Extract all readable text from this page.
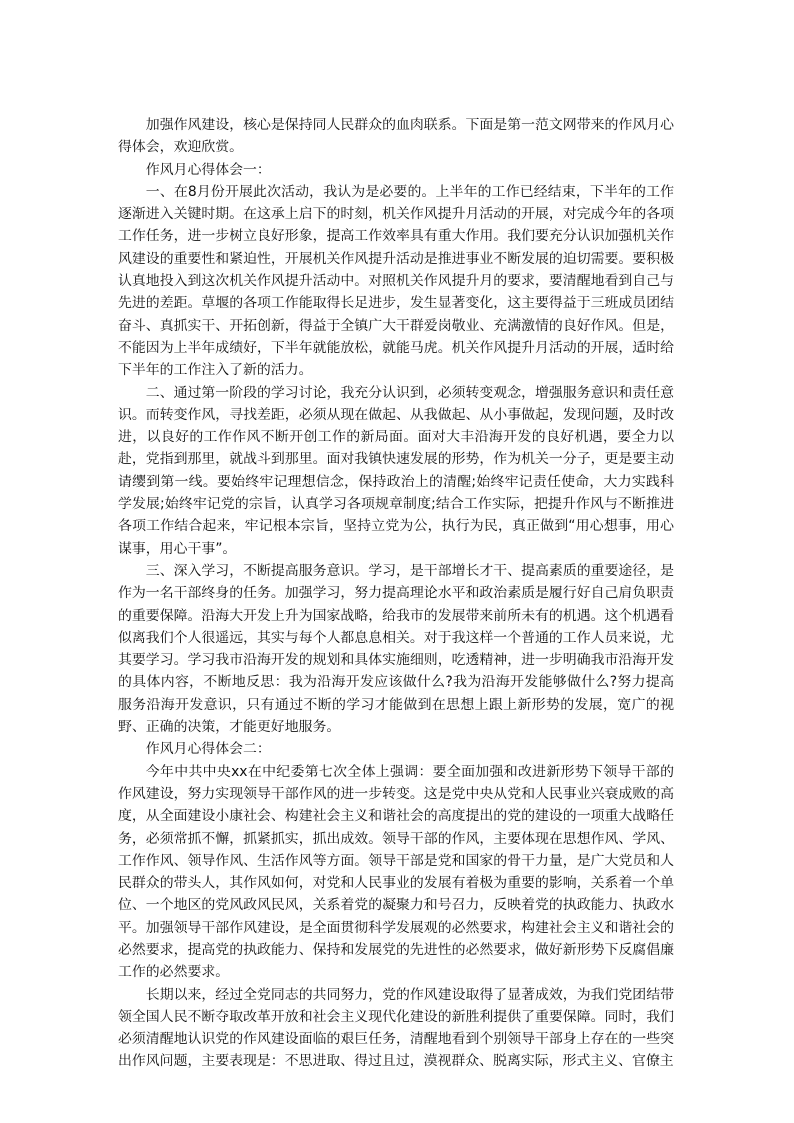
加强作风建设，核心是保持同人民群众的血肉联系。下面是第一范文网带来的作风月心得体会，欢迎欣赏。

作风月心得体会一：

一、在8月份开展此次活动，我认为是必要的。上半年的工作已经结束，下半年的工作逐渐进入关键时期。在这承上启下的时刻，机关作风提升月活动的开展，对完成今年的各项工作任务，进一步树立良好形象，提高工作效率具有重大作用。我们要充分认识加强机关作风建设的重要性和紧迫性，开展机关作风提升活动是推进事业不断发展的迫切需要。要积极认真地投入到这次机关作风提升活动中。对照机关作风提升月的要求，要清醒地看到自己与先进的差距。草堰的各项工作能取得长足进步，发生显著变化，这主要得益于三班成员团结奋斗、真抓实干、开拓创新，得益于全镇广大干群爱岗敬业、充满激情的良好作风。但是，不能因为上半年成绩好，下半年就能放松，就能马虎。机关作风提升月活动的开展，适时给下半年的工作注入了新的活力。

二、通过第一阶段的学习讨论，我充分认识到，必须转变观念，增强服务意识和责任意识。而转变作风，寻找差距，必须从现在做起、从我做起、从小事做起，发现问题，及时改进，以良好的工作作风不断开创工作的新局面。面对大丰沿海开发的良好机遇，要全力以赴，党指到那里，就战斗到那里。面对我镇快速发展的形势，作为机关一分子，更是要主动请缨到第一线。要始终牢记理想信念，保持政治上的清醒;始终牢记责任使命，大力实践科学发展;始终牢记党的宗旨，认真学习各项规章制度;结合工作实际，把提升作风与不断推进各项工作结合起来，牢记根本宗旨，坚持立党为公，执行为民，真正做到“用心想事，用心谋事，用心干事”。

三、深入学习，不断提高服务意识。学习，是干部增长才干、提高素质的重要途径，是作为一名干部终身的任务。加强学习，努力提高理论水平和政治素质是履行好自己肩负职责的重要保障。沿海大开发上升为国家战略，给我市的发展带来前所未有的机遇。这个机遇看似离我们个人很遥远，其实与每个人都息息相关。对于我这样一个普通的工作人员来说，尤其要学习。学习我市沿海开发的规划和具体实施细则，吃透精神，进一步明确我市沿海开发的具体内容，不断地反思：我为沿海开发应该做什么?我为沿海开发能够做什么?努力提高服务沿海开发意识，只有通过不断的学习才能做到在思想上跟上新形势的发展，宽广的视野、正确的决策，才能更好地服务。

作风月心得体会二：

今年中共中央xx在中纪委第七次全体上强调：要全面加强和改进新形势下领导干部的作风建设，努力实现领导干部作风的进一步转变。这是党中央从党和人民事业兴衰成败的高度，从全面建设小康社会、构建社会主义和谐社会的高度提出的党的建设的一项重大战略任务，必须常抓不懈，抓紧抓实，抓出成效。领导干部的作风，主要体现在思想作风、学风、工作作风、领导作风、生活作风等方面。领导干部是党和国家的骨干力量，是广大党员和人民群众的带头人，其作风如何，对党和人民事业的发展有着极为重要的影响，关系着一个单位、一个地区的党风政风民风，关系着党的凝聚力和号召力，反映着党的执政能力、执政水平。加强领导干部作风建设，是全面贯彻科学发展观的必然要求，构建社会主义和谐社会的必然要求，提高党的执政能力、保持和发展党的先进性的必然要求，做好新形势下反腐倡廉工作的必然要求。

长期以来，经过全党同志的共同努力，党的作风建设取得了显著成效，为我们党团结带领全国人民不断夺取改革开放和社会主义现代化建设的新胜利提供了重要保障。同时，我们必须清醒地认识党的作风建设面临的艰巨任务，清醒地看到个别领导干部身上存在的一些突出作风问题，主要表现是：不思进取、得过且过，漠视群众、脱离实际，形式主义、官僚主
